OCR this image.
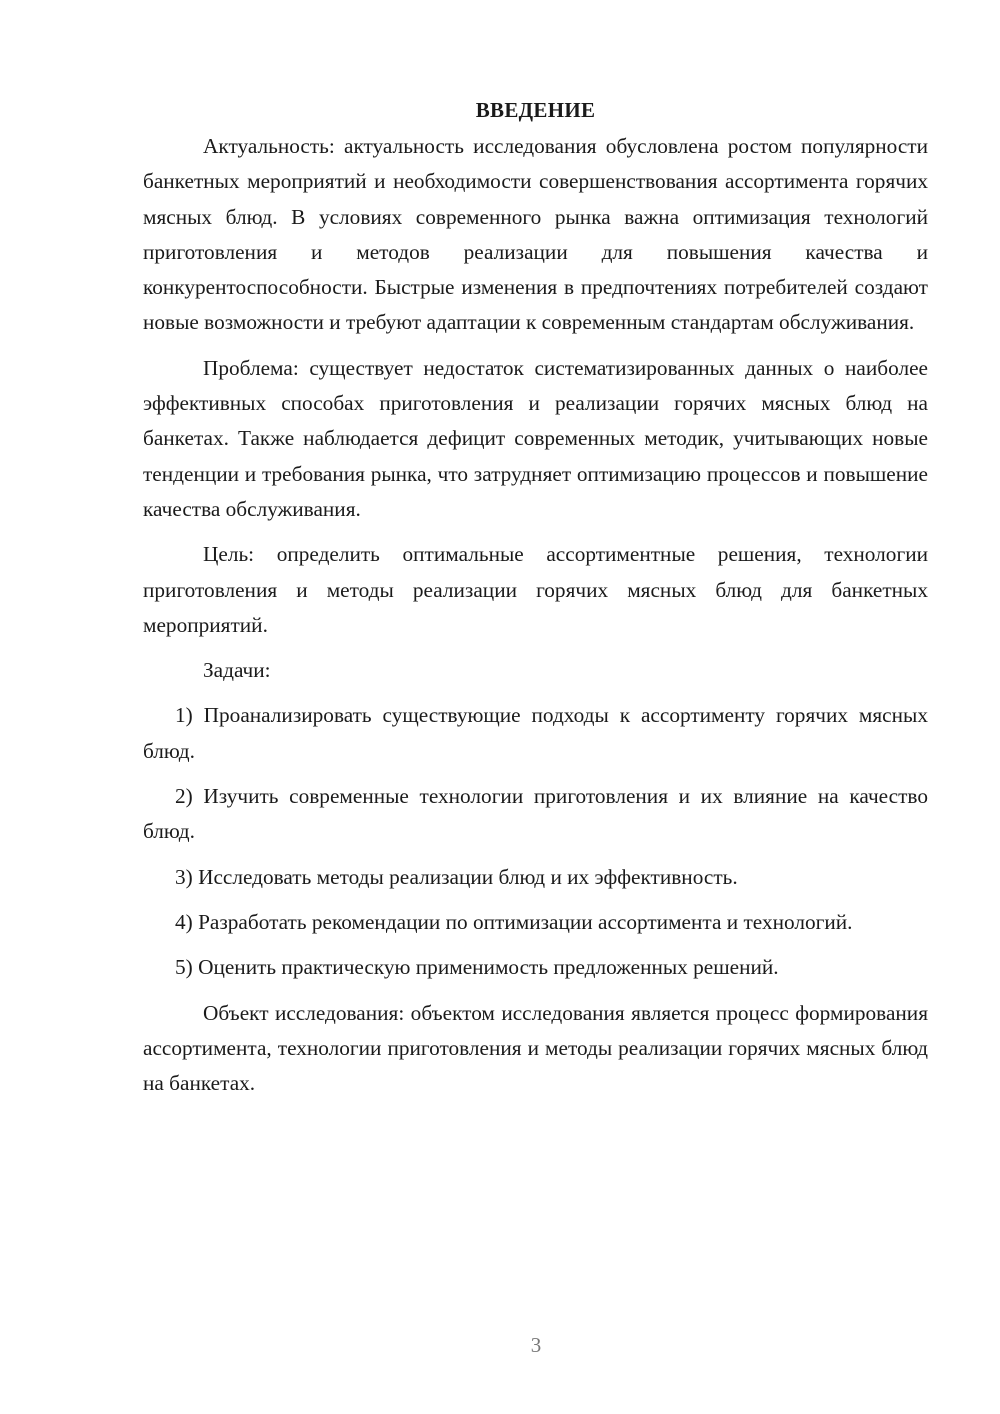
ВВЕДЕНИЕ

Актуальность: актуальность исследования обусловлена ростом популярности банкетных мероприятий и необходимости совершенствования ассортимента горячих мясных блюд. В условиях современного рынка важна оптимизация технологий приготовления и методов реализации для повышения качества и конкурентоспособности. Быстрые изменения в предпочтениях потребителей создают новые возможности и требуют адаптации к современным стандартам обслуживания.

Проблема: существует недостаток систематизированных данных о наиболее эффективных способах приготовления и реализации горячих мясных блюд на банкетах. Также наблюдается дефицит современных методик, учитывающих новые тенденции и требования рынка, что затрудняет оптимизацию процессов и повышение качества обслуживания.

Цель: определить оптимальные ассортиментные решения, технологии приготовления и методы реализации горячих мясных блюд для банкетных мероприятий.

Задачи:

1) Проанализировать существующие подходы к ассортименту горячих мясных блюд.

2) Изучить современные технологии приготовления и их влияние на качество блюд.

3) Исследовать методы реализации блюд и их эффективность.

4) Разработать рекомендации по оптимизации ассортимента и технологий.

5) Оценить практическую применимость предложенных решений.

Объект исследования: объектом исследования является процесс формирования ассортимента, технологии приготовления и методы реализации горячих мясных блюд на банкетах.

3
